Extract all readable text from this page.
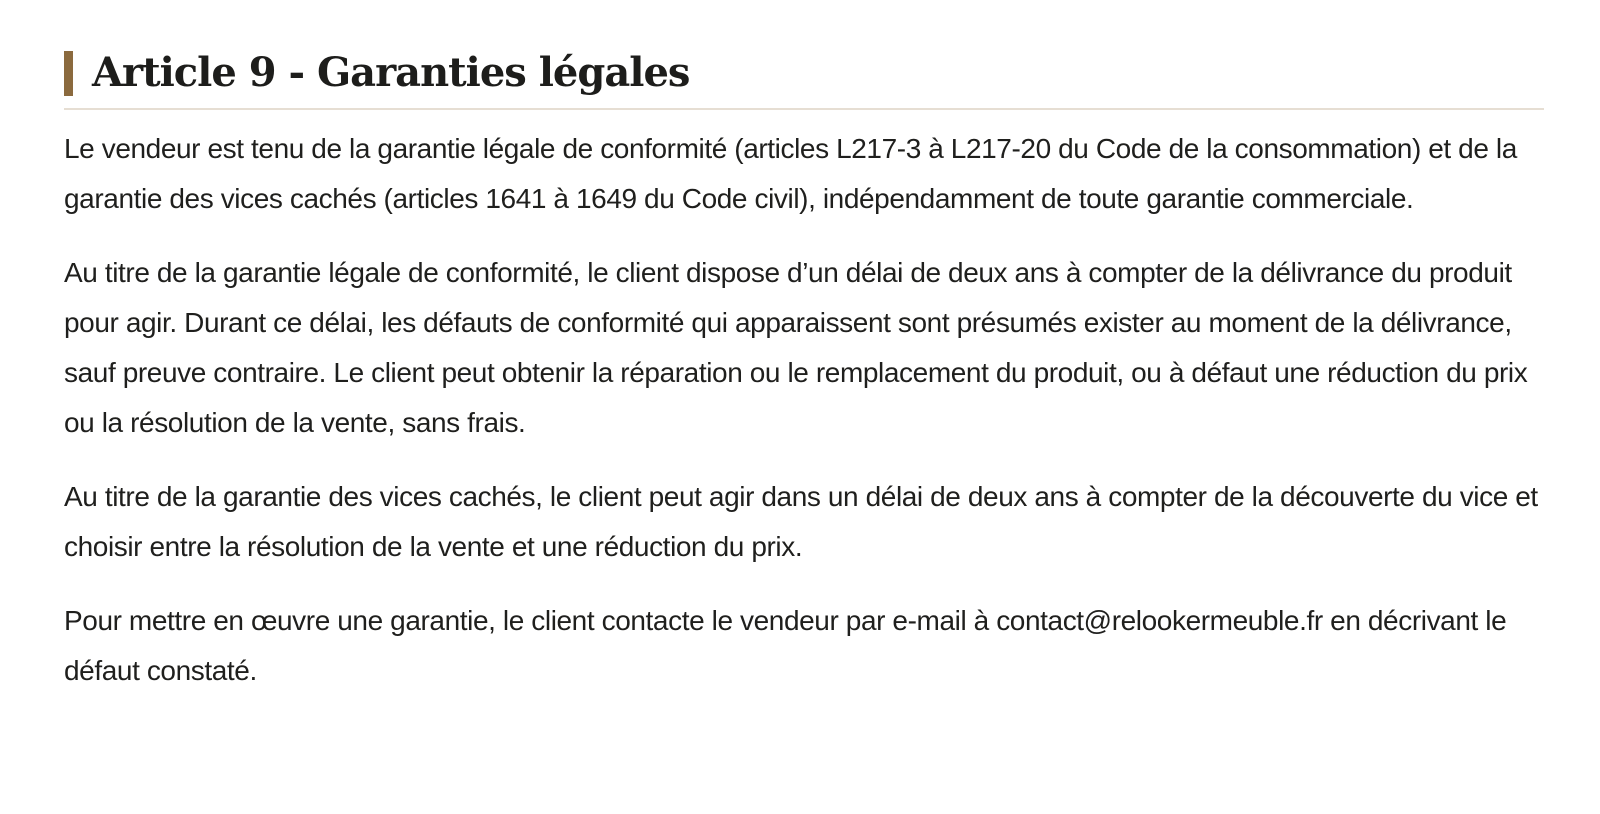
Article 9 - Garanties légales

Le vendeur est tenu de la garantie légale de conformité (articles L217-3 à L217-20 du Code de la consommation) et de la garantie des vices cachés (articles 1641 à 1649 du Code civil), indépendamment de toute garantie commerciale.

Au titre de la garantie légale de conformité, le client dispose d’un délai de deux ans à compter de la délivrance du produit pour agir. Durant ce délai, les défauts de conformité qui apparaissent sont présumés exister au moment de la délivrance, sauf preuve contraire. Le client peut obtenir la réparation ou le remplacement du produit, ou à défaut une réduction du prix ou la résolution de la vente, sans frais.

Au titre de la garantie des vices cachés, le client peut agir dans un délai de deux ans à compter de la découverte du vice et choisir entre la résolution de la vente et une réduction du prix.

Pour mettre en œuvre une garantie, le client contacte le vendeur par e-mail à contact@relookermeuble.fr en décrivant le défaut constaté.
